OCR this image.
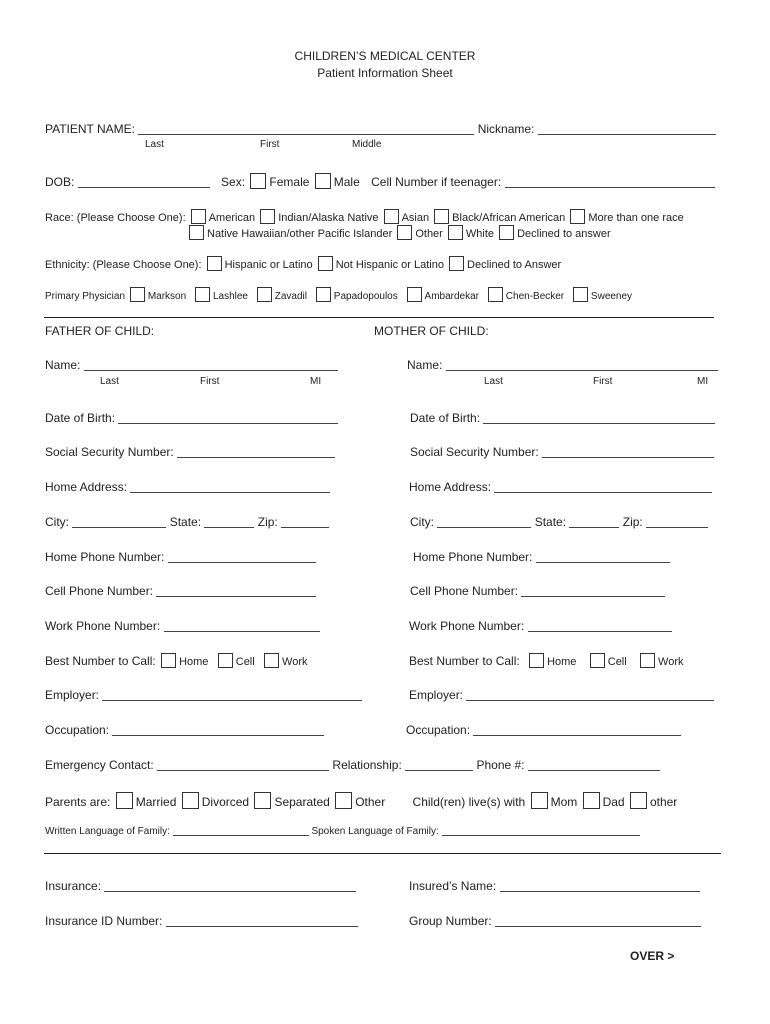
CHILDREN’S MEDICAL CENTER
Patient Information Sheet
PATIENT NAME:	Nickname:
Last	First	Middle
DOB:	Sex: Female Male Cell Number if teenager:
Race: (Please Choose One): American Indian/Alaska Native Asian Black/African American More than one race
Native Hawaiian/other Pacific Islander Other White Declined to answer
Ethnicity: (Please Choose One): Hispanic or Latino Not Hispanic or Latino Declined to Answer
Primary Physician Markson	Lashlee	Zavadil	Papadopoulos	Ambardekar	Chen-Becker	Sweeney
FATHER OF CHILD:	MOTHER OF CHILD:
Name:	Name:
Last	First	MI	Last	First	MI
Date of Birth:	Date of Birth:
Social Security Number:	Social Security Number:
Home Address:	Home Address:
City:	State:	Zip:	City:	State:	Zip:
Home Phone Number:	Home Phone Number:
Cell Phone Number:	Cell Phone Number:
Work Phone Number:	Work Phone Number:
Best Number to Call: Home Cell Work	Best Number to Call: Home	Cell	Work
Employer:	Employer:
Occupation:	Occupation:
Emergency Contact:	Relationship:	Phone #:
Parents are: Married Divorced Separated Other Child(ren) live(s) with Mom Dad other
Written Language of Family:	Spoken Language of Family:
Insurance:	Insured’s Name:
Insurance ID Number:	Group Number:
OVER >
